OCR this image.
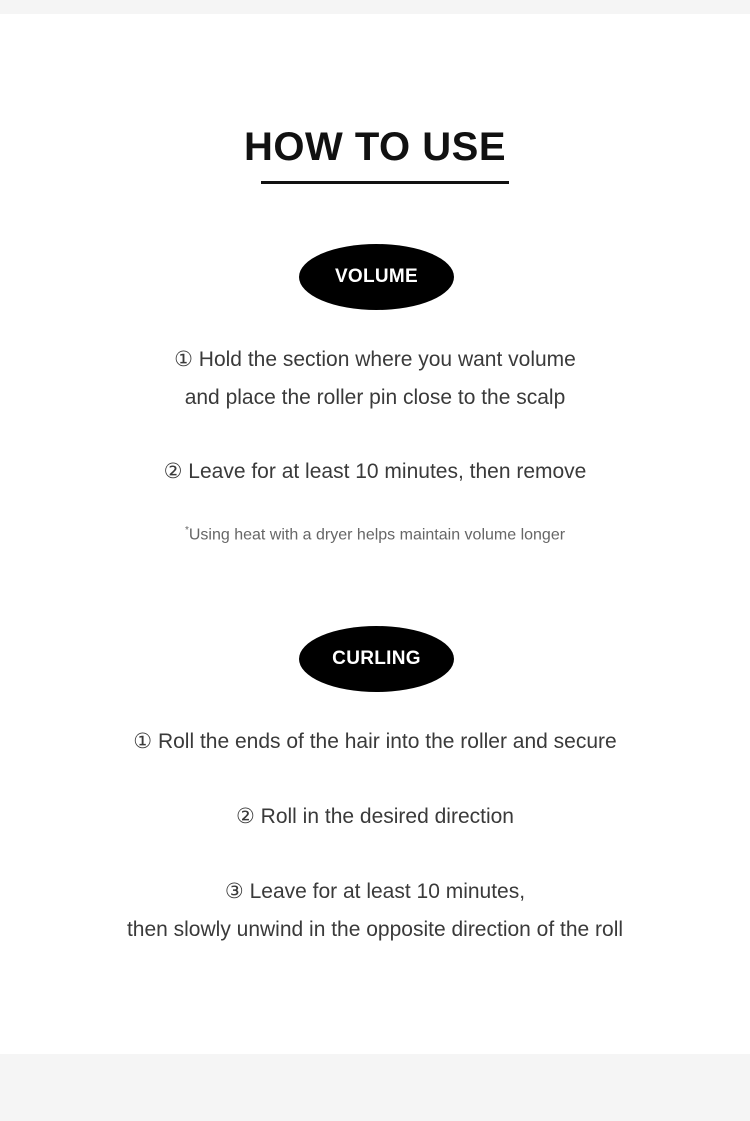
HOW TO USE
VOLUME
① Hold the section where you want volume
and place the roller pin close to the scalp
② Leave for at least 10 minutes, then remove
*Using heat with a dryer helps maintain volume longer
CURLING
① Roll the ends of the hair into the roller and secure
② Roll in the desired direction
③ Leave for at least 10 minutes,
then slowly unwind in the opposite direction of the roll
